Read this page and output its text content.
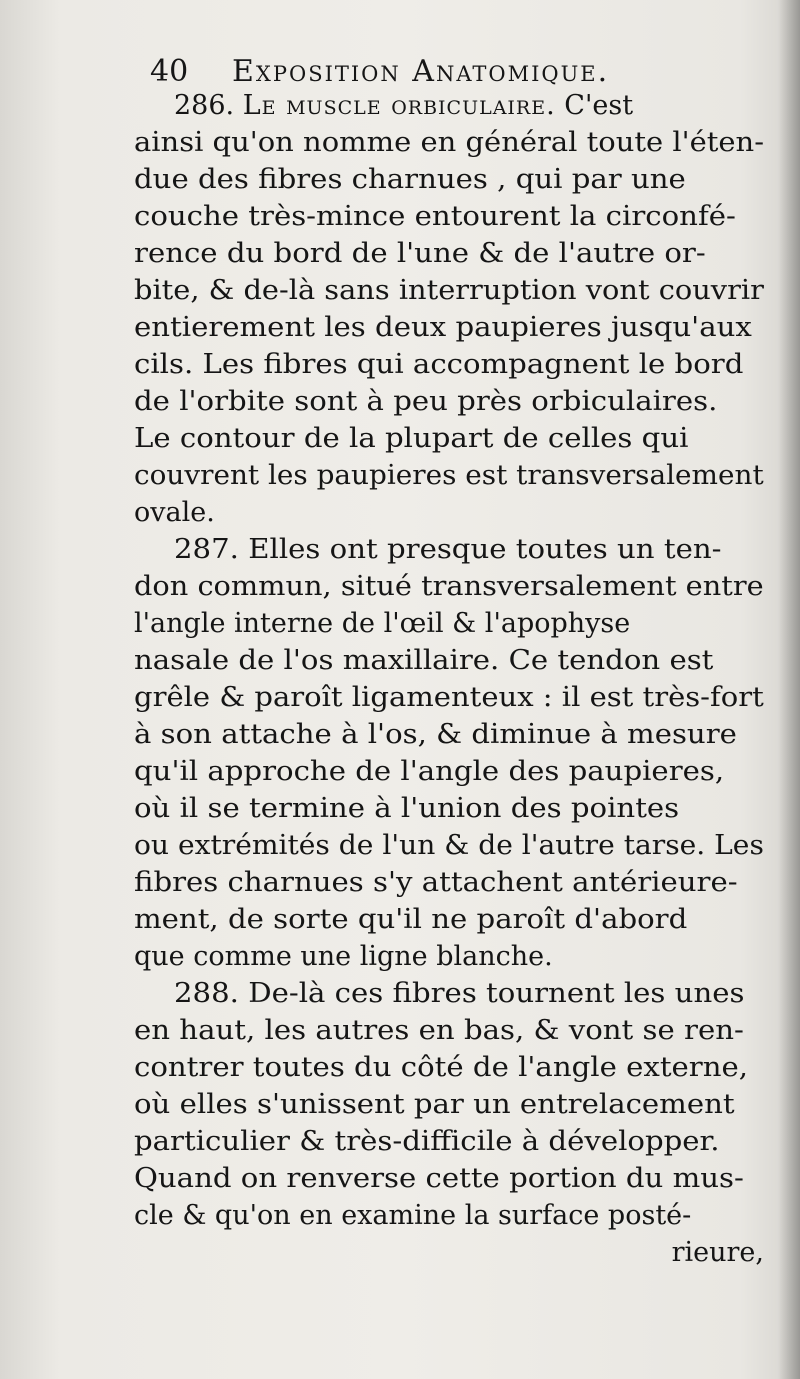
40 Exposition Anatomique.
286. Le muscle orbiculaire. C'est
ainsi qu'on nomme en général toute l'éten-
due des fibres charnues , qui par une
couche très-mince entourent la circonfé-
rence du bord de l'une & de l'autre or-
bite, & de-là sans interruption vont couvrir
entierement les deux paupieres jusqu'aux
cils. Les fibres qui accompagnent le bord
de l'orbite sont à peu près orbiculaires.
Le contour de la plupart de celles qui
couvrent les paupieres est transversalement
ovale.
287. Elles ont presque toutes un ten-
don commun, situé transversalement entre
l'angle interne de l'œil & l'apophyse
nasale de l'os maxillaire. Ce tendon est
grêle & paroît ligamenteux : il est très-fort
à son attache à l'os, & diminue à mesure
qu'il approche de l'angle des paupieres,
où il se termine à l'union des pointes
ou extrémités de l'un & de l'autre tarse. Les
fibres charnues s'y attachent antérieure-
ment, de sorte qu'il ne paroît d'abord
que comme une ligne blanche.
288. De-là ces fibres tournent les unes
en haut, les autres en bas, & vont se ren-
contrer toutes du côté de l'angle externe,
où elles s'unissent par un entrelacement
particulier & très-difficile à développer.
Quand on renverse cette portion du mus-
cle & qu'on en examine la surface posté-
rieure,
